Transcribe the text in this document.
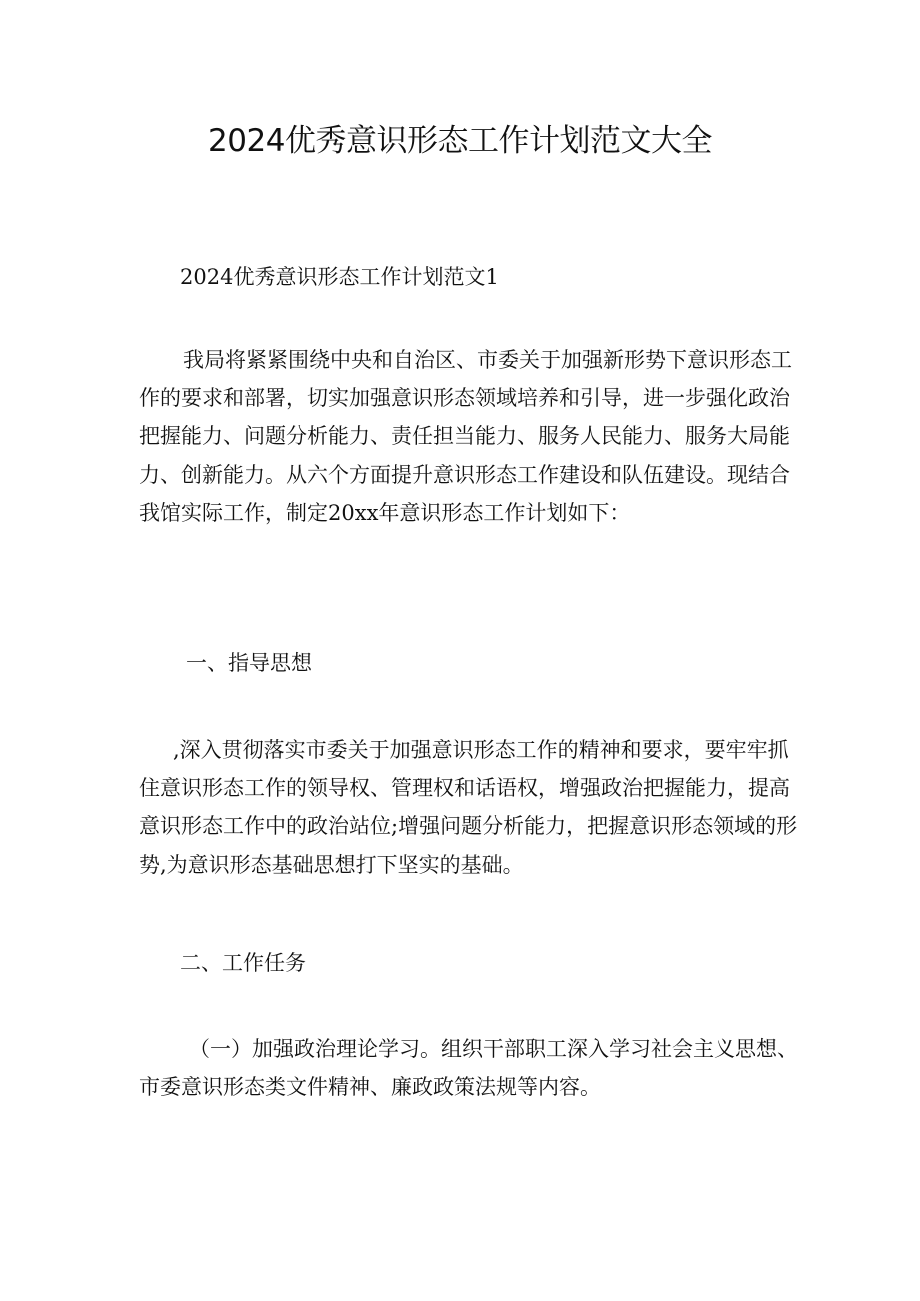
2024优秀意识形态工作计划范文大全
2024优秀意识形态工作计划范文1

我局将紧紧围绕中央和自治区、市委关于加强新形势下意识形态工作的要求和部署，切实加强意识形态领域培养和引导，进一步强化政治把握能力、问题分析能力、责任担当能力、服务人民能力、服务大局能力、创新能力。从六个方面提升意识形态工作建设和队伍建设。现结合我馆实际工作，制定20xx年意识形态工作计划如下：

一、指导思想

,深入贯彻落实市委关于加强意识形态工作的精神和要求，要牢牢抓住意识形态工作的领导权、管理权和话语权，增强政治把握能力，提高意识形态工作中的政治站位;增强问题分析能力，把握意识形态领域的形势,为意识形态基础思想打下坚实的基础。

二、工作任务

（一）加强政治理论学习。组织干部职工深入学习社会主义思想、市委意识形态类文件精神、廉政政策法规等内容。
